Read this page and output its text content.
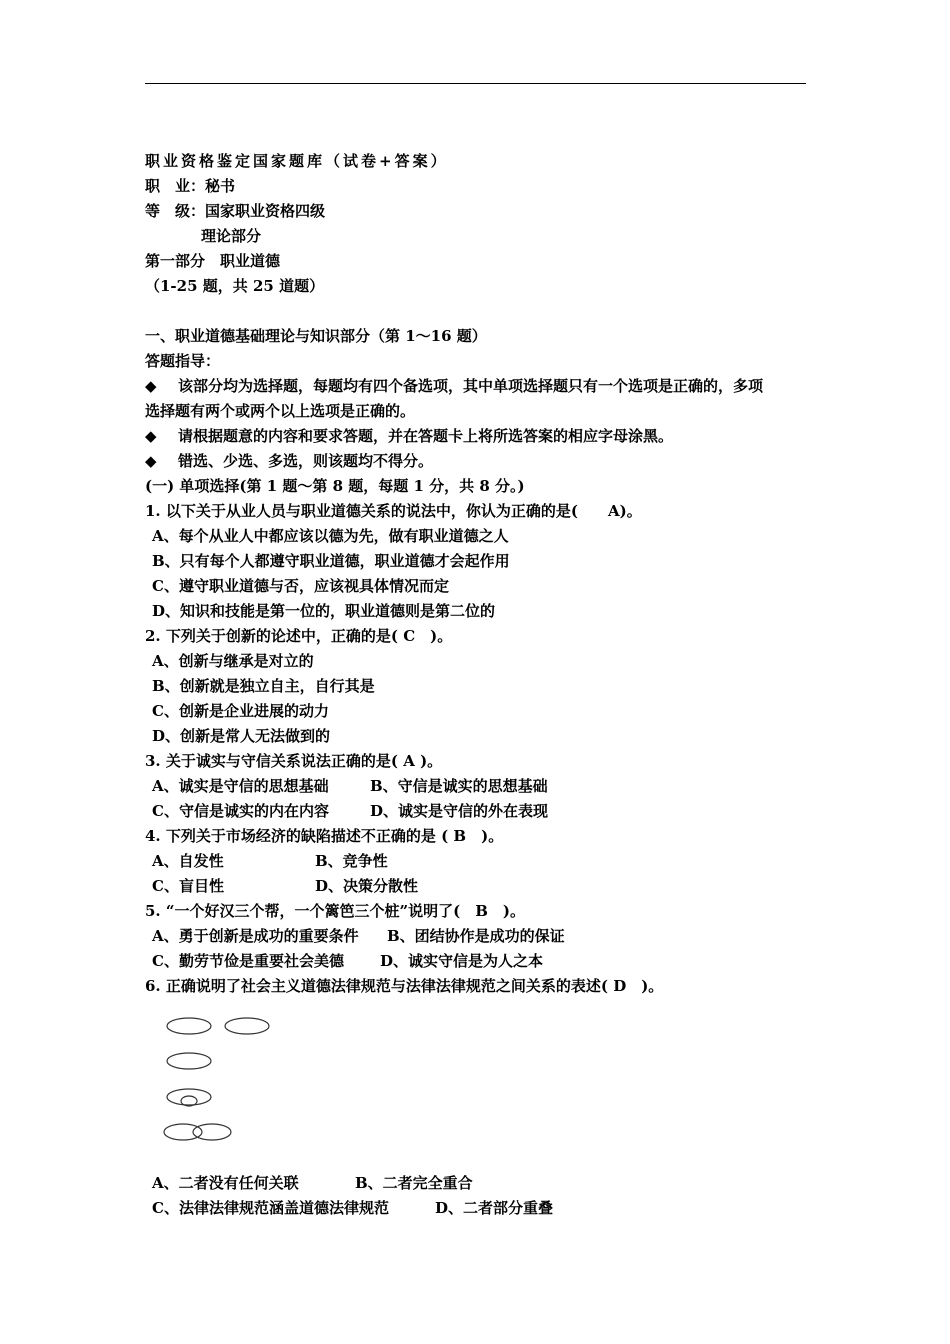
职业资格鉴定国家题库（试卷+答案）
职　业：秘书
等　级：国家职业资格四级
理论部分
第一部分　职业道德
（1-25 题，共 25 道题）
一、职业道德基础理论与知识部分（第 1～16 题）
答题指导：
◆	该部分均为选择题，每题均有四个备选项，其中单项选择题只有一个选项是正确的，多项
选择题有两个或两个以上选项是正确的。
◆	请根据题意的内容和要求答题，并在答题卡上将所选答案的相应字母涂黑。
◆	错选、少选、多选，则该题均不得分。
(一) 单项选择(第 1 题～第 8 题，每题 1 分，共 8 分。)
1. 以下关于从业人员与职业道德关系的说法中，你认为正确的是(　　A)。
A、每个从业人中都应该以德为先，做有职业道德之人
B、只有每个人都遵守职业道德，职业道德才会起作用
C、遵守职业道德与否，应该视具体情况而定
D、知识和技能是第一位的，职业道德则是第二位的
2. 下列关于创新的论述中，正确的是( C　)。
A、创新与继承是对立的
B、创新就是独立自主，自行其是
C、创新是企业进展的动力
D、创新是常人无法做到的
3. 关于诚实与守信关系说法正确的是( A )。
A、诚实是守信的思想基础	B、守信是诚实的思想基础
C、守信是诚实的内在内容	D、诚实是守信的外在表现
4. 下列关于市场经济的缺陷描述不正确的是 ( B　)。
A、自发性	B、竞争性
C、盲目性	D、决策分散性
5. “一个好汉三个帮，一个篱笆三个桩”说明了(　B　)。
A、勇于创新是成功的重要条件 B、团结协作是成功的保证
C、勤劳节俭是重要社会美德 D、诚实守信是为人之本
6. 正确说明了社会主义道德法律规范与法律法律规范之间关系的表述( D　)。
A、二者没有任何关联	B、二者完全重合
C、法律法律规范涵盖道德法律规范	D、二者部分重叠
